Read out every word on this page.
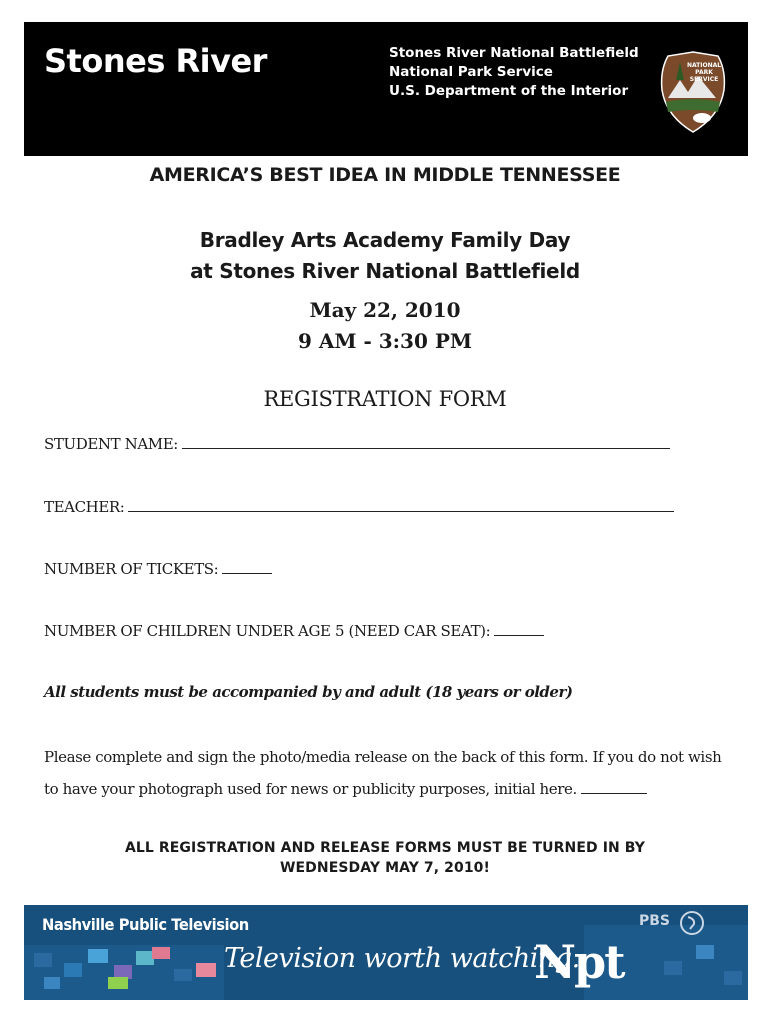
Stones River	Stones River National Battlefield
National Park Service
U.S. Department of the Interior
NATIONAL
PARK
SERVICE
AMERICA’S BEST IDEA IN MIDDLE TENNESSEE
Bradley Arts Academy Family Day
at Stones River National Battlefield
May 22, 2010
9 AM - 3:30 PM
REGISTRATION FORM
STUDENT NAME:
TEACHER:
NUMBER OF TICKETS:
NUMBER OF CHILDREN UNDER AGE 5 (NEED CAR SEAT):
All students must be accompanied by and adult (18 years or older)
Please complete and sign the photo/media release on the back of this form. If you do not wish to have your photograph used for news or publicity purposes, initial here.
ALL REGISTRATION AND RELEASE FORMS MUST BE TURNED IN BY
WEDNESDAY MAY 7, 2010!
Nashville Public Television
Television worth watching.
Npt
PBS
